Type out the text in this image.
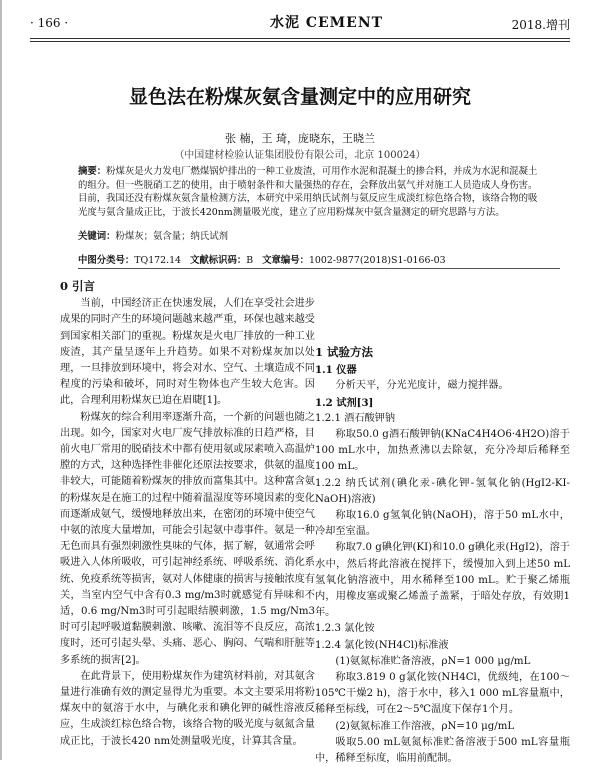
· 166 ·	水泥 CEMENT	2018.增刊
显色法在粉煤灰氨含量测定中的应用研究
张 楠，王 琦，庞晓东，王晓兰
（中国建材检验认证集团股份有限公司，北京 100024）
摘要：粉煤灰是火力发电厂燃煤锅炉排出的一种工业废渣，可用作水泥和混凝土的掺合料，并成为水泥和混凝土的组分。但一些脱硝工艺的使用，由于喷射条件和大量强热的存在，会释放出氨气并对施工人员造成人身伤害。目前，我国还没有粉煤灰氨含量检测方法，本研究中采用纳氏试剂与氨反应生成淡红棕色络合物，该络合物的吸光度与氨含量成正比，于波长420nm测量吸光度，建立了应用粉煤灰中氨含量测定的研究思路与方法。
关键词：粉煤灰；氨含量；纳氏试剂
中图分类号：TQ172.14 文献标识码：B 文章编号：1002-9877(2018)S1-0166-03
0 引言

当前，中国经济正在快速发展，人们在享受社会进步成果的同时产生的环境问题越来越严重，环保也越来越受到国家相关部门的重视。粉煤灰是火电厂排放的一种工业废渣，其产量呈逐年上升趋势。如果不对粉煤灰加以处理，一旦排放到环境中，将会对水、空气、土壤造成不同程度的污染和破坏，同时对生物体也产生较大危害。因此，合理利用粉煤灰已迫在眉睫[1]。

粉煤灰的综合利用率逐渐升高，一个新的问题也随之出现。如今，国家对火电厂废气排放标准的日趋严格，目前火电厂常用的脱硝技术中都有使用氨或尿素喷入高温炉膛的方式，这种选择性非催化还原法按要求，供氨的温度非较大，可能随着粉煤灰的排放而富集其中。这种富含氨的粉煤灰是在施工的过程中随着温湿度等环境因素的变化而逐渐成氨气，缓慢地释放出来，在密闭的环境中使空气中氨的浓度大量增加，可能会引起氨中毒事件。氨是一种无色而具有强烈刺激性臭味的气体，据了解，氨通常会呼吸进入人体所吸收，可引起神经系统、呼吸系统、消化系统、免疫系统等损害，氨对人体健康的损害与接触浓度有关，当室内空气中含有0.3 mg/m3时就感觉有异味和不适，0.6 mg/Nm3时可引起眼结膜刺激，1.5 mg/Nm3时可引起呼吸道黏膜刺激、咳嗽、流泪等不良反应，高浓度时，还可引起头晕、头痛、恶心、胸闷、气喘和肝脏等多系统的损害[2]。

在此背景下，使用粉煤灰作为建筑材料前，对其氨含量进行准确有效的测定显得尤为重要。本文主要采用将粉煤灰中的氨溶于水中，与碘化汞和碘化钾的碱性溶液反应，生成淡红棕色络合物，该络合物的吸光度与氨氮含量成正比，于波长420 nm处测量吸光度，计算其含量。

1 试验方法

1.1 仪器

分析天平，分光光度计，磁力搅拌器。

1.2 试剂[3]

1.2.1 酒石酸钾钠

称取50.0 g酒石酸钾钠(KNaC4H4O6·4H2O)溶于100 mL水中，加热煮沸以去除氨，充分冷却后稀释至100 mL。

1.2.2 纳氏试剂(碘化汞-碘化钾-氢氧化钠(HgI2-KI-NaOH)溶液)

称取16.0 g氢氧化钠(NaOH)，溶于50 mL水中，冷却至室温。

称取7.0 g碘化钾(KI)和10.0 g碘化汞(HgI2)，溶于水中，然后将此溶液在搅拌下，缓慢加入到上述50 mL氢氧化钠溶液中，用水稀释至100 mL。贮于聚乙烯瓶内，用橡皮塞或聚乙烯盖子盖紧，于暗处存放，有效期1年。

1.2.3 氯化铵

1.2.4 氯化铵(NH4Cl)标准液

(1)氨氮标准贮备溶液，ρN=1 000 μg/mL

称取3.819 0 g氯化铵(NH4Cl，优级纯，在100～105℃干燥2 h)，溶于水中，移入1 000 mL容量瓶中，稀释至标线，可在2～5℃温度下保存1个月。

(2)氨氮标准工作溶液，ρN=10 μg/mL

吸取5.00 mL氨氮标准贮备溶液于500 mL容量瓶中，稀释至标度，临用前配制。
